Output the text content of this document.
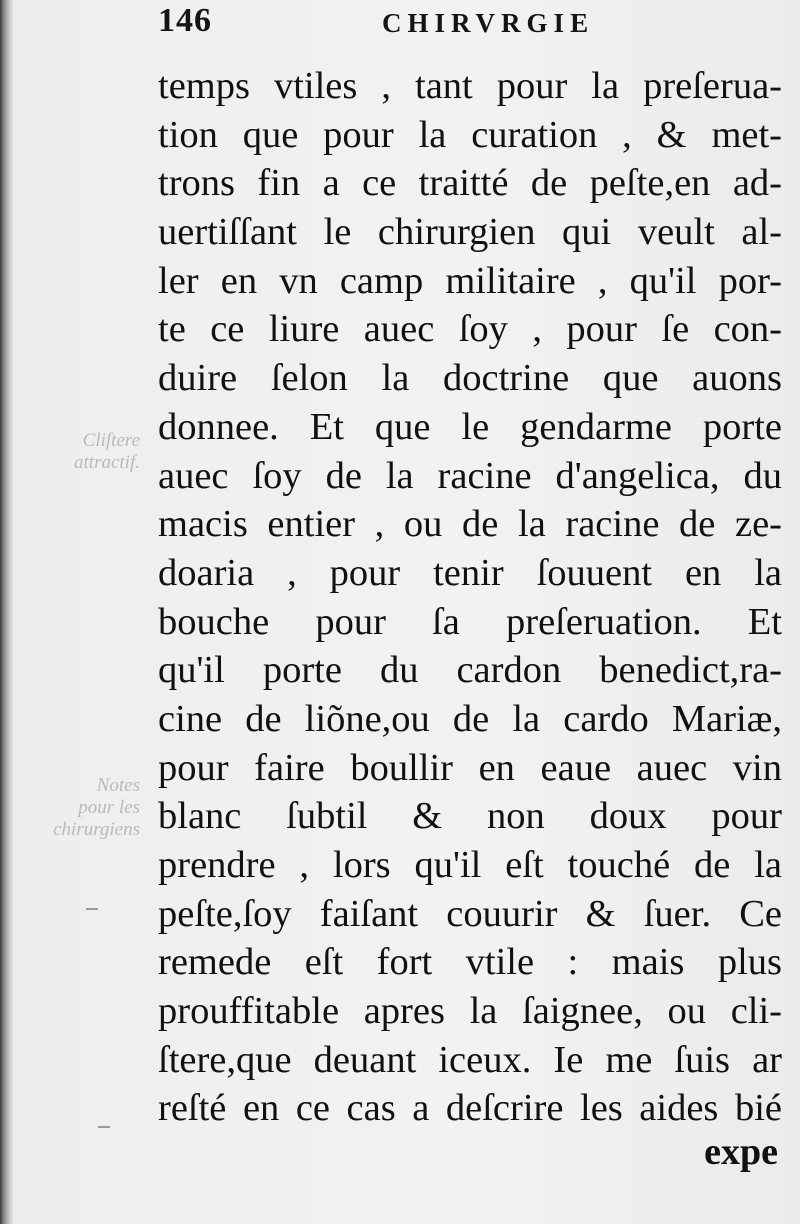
Cliſtere
attractif.
Notes
pour les
chirurgiens
146	CHIRVRGIE
temps vtiles , tant pour la preſerua-
tion que pour la curation , & met-
trons fin a ce traitté de peſte,en ad-
uertiſſant le chirurgien qui veult al-
ler en vn camp militaire , qu'il por-
te ce liure auec ſoy , pour ſe con-
duire ſelon la doctrine que auons
donnee. Et que le gendarme porte
auec ſoy de la racine d'angelica, du
macis entier , ou de la racine de ze-
doaria , pour tenir ſouuent en la
bouche pour ſa preſeruation. Et
qu'il porte du cardon benedict,ra-
cine de liõne,ou de la cardo Mariæ,
pour faire boullir en eaue auec vin
blanc ſubtil & non doux pour
prendre , lors qu'il eſt touché de la
peſte,ſoy faiſant couurir & ſuer. Ce
remede eſt fort vtile : mais plus
prouffitable apres la ſaignee, ou cli-
ſtere,que deuant iceux. Ie me ſuis ar
reſté en ce cas a deſcrire les aides bié
expe
